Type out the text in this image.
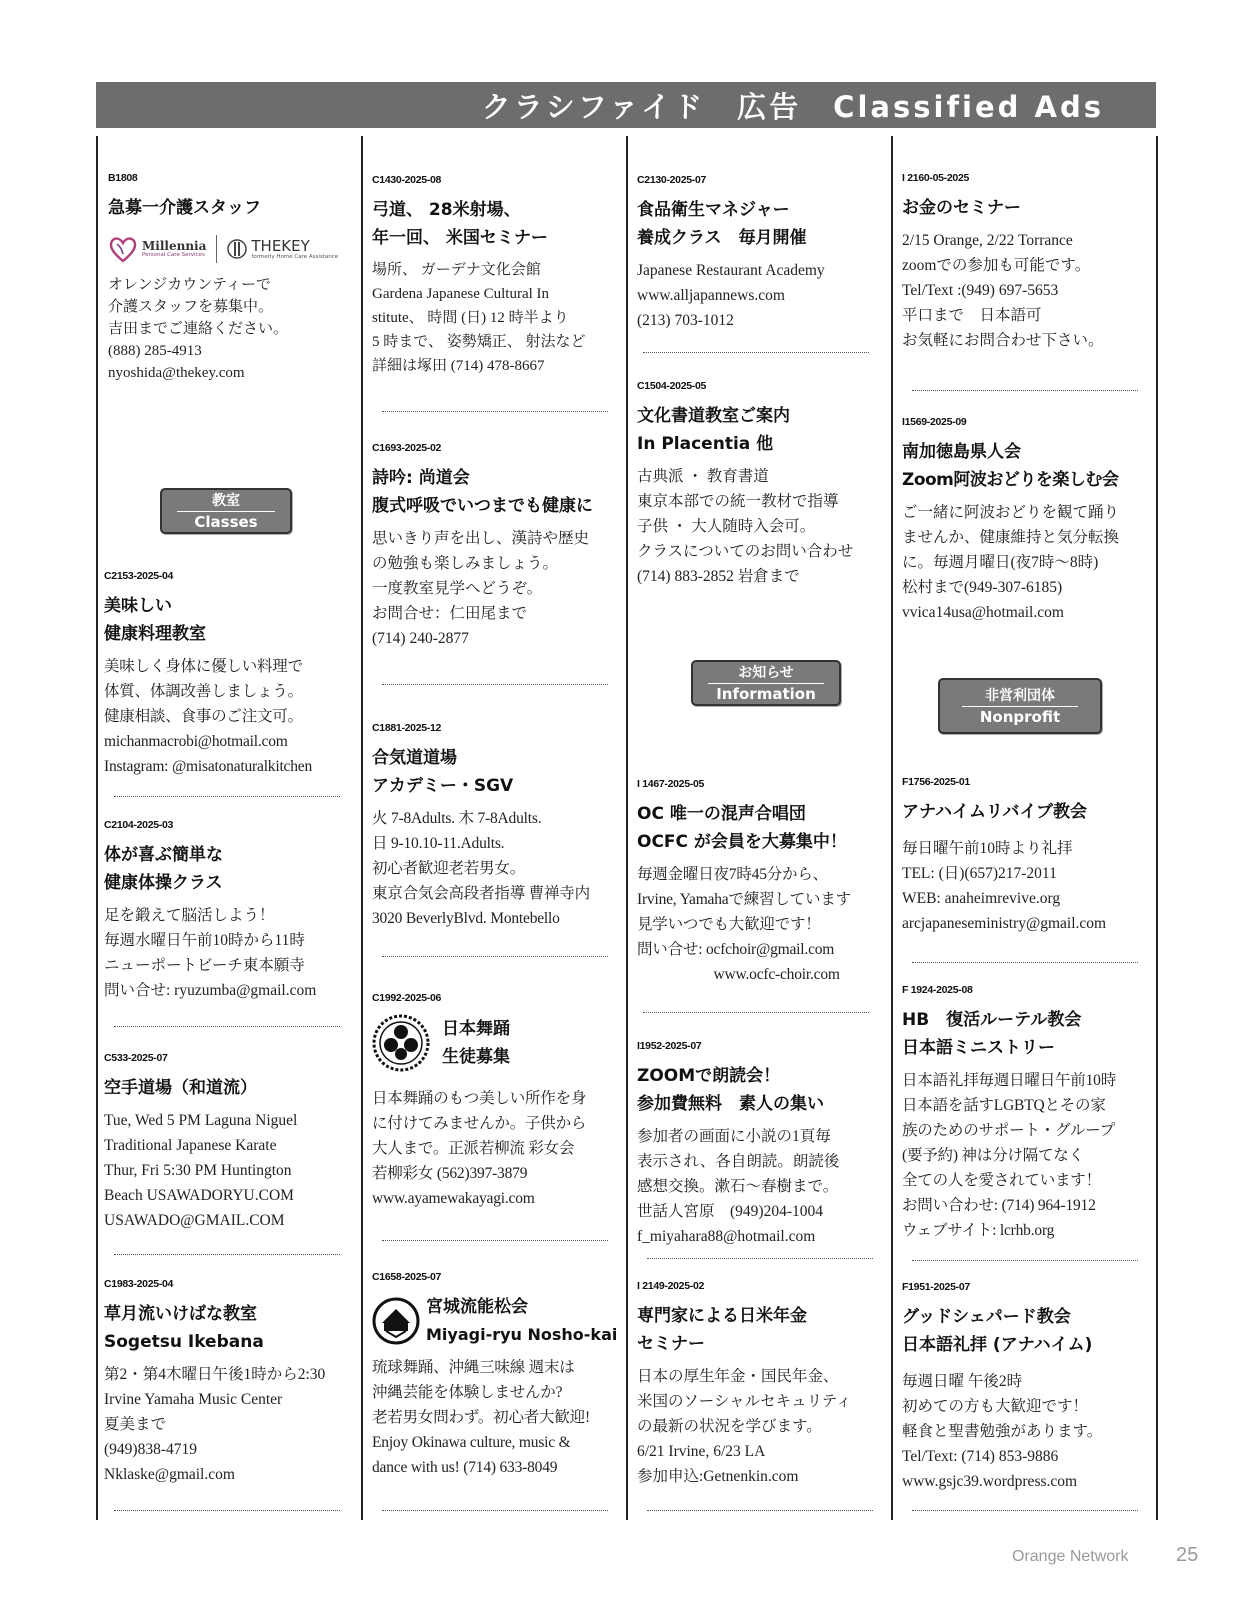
クラシファイド　広告　Classified Ads
B1808
急募一介護スタッフ
Millennia
Personal Care Services
THEKEY
formerly Home Care Assistance
オレンジカウンティーで
介護スタッフを募集中。
吉田までご連絡ください。
(888) 285-4913
nyoshida@thekey.com
教室
Classes
C2153-2025-04
美味しい
健康料理教室
美味しく身体に優しい料理で
体質、体調改善しましょう。
健康相談、食事のご注文可。
michanmacrobi@hotmail.com
Instagram: @misatonaturalkitchen
C2104-2025-03
体が喜ぶ簡単な
健康体操クラス
足を鍛えて脳活しよう！
毎週水曜日午前10時から11時
ニューポートビーチ東本願寺
問い合せ: ryuzumba@gmail.com
C533-2025-07
空手道場（和道流）
Tue, Wed 5 PM Laguna Niguel
Traditional Japanese Karate
Thur, Fri 5:30 PM Huntington
Beach USAWADORYU.COM
USAWADO@GMAIL.COM
C1983-2025-04
草月流いけばな教室
Sogetsu Ikebana
第2・第4木曜日午後1時から2:30
Irvine Yamaha Music Center
夏美まで
(949)838-4719
Nklaske@gmail.com
C1430-2025-08
弓道、 28米射場、
年一回、 米国セミナー
場所、 ガーデナ文化会館
Gardena Japanese Cultural In
stitute、 時間 (日) 12 時半より
5 時まで、 姿勢矯正、 射法など
詳細は塚田 (714) 478-8667
C1693-2025-02
詩吟: 尚道会
腹式呼吸でいつまでも健康に
思いきり声を出し、漢詩や歴史
の勉強も楽しみましょう。
一度教室見学へどうぞ。
お問合せ：仁田尾まで
(714) 240-2877
C1881-2025-12
合気道道場
アカデミー・SGV
火 7-8Adults. 木 7-8Adults.
日 9-10.10-11.Adults.
初心者歓迎老若男女。
東京合気会高段者指導 曹禅寺内
3020 BeverlyBlvd. Montebello
C1992-2025-06
日本舞踊
生徒募集
日本舞踊のもつ美しい所作を身
に付けてみませんか。子供から
大人まで。正派若柳流 彩女会
若柳彩女 (562)397-3879
www.ayamewakayagi.com
C1658-2025-07
宮城流能松会
Miyagi-ryu Nosho-kai
琉球舞踊、沖縄三味線 週末は
沖縄芸能を体験しませんか?
老若男女問わず。初心者大歓迎!
Enjoy Okinawa culture, music &
dance with us! (714) 633-8049
C2130-2025-07
食品衛生マネジャー
養成クラス　毎月開催
Japanese Restaurant Academy
www.alljapannews.com
(213) 703-1012
C1504-2025-05
文化書道教室ご案内
In Placentia 他
古典派 ・ 教育書道
東京本部での統一教材で指導
子供 ・ 大人随時入会可。
クラスについてのお問い合わせ
(714) 883-2852 岩倉まで
お知らせ
Information
I 1467-2025-05
OC 唯一の混声合唱団
OCFC が会員を大募集中！
毎週金曜日夜7時45分から、
Irvine, Yamahaで練習しています
見学いつでも大歓迎です！
問い合せ: ocfchoir@gmail.com
　　　　　www.ocfc-choir.com
I1952-2025-07
ZOOMで朗読会！
参加費無料　素人の集い
参加者の画面に小説の1頁毎
表示され、各自朗読。朗読後
感想交換。漱石～春樹まで。
世話人宮原　(949)204-1004
f_miyahara88@hotmail.com
I 2149-2025-02
専門家による日米年金
セミナー
日本の厚生年金・国民年金、
米国のソーシャルセキュリティ
の最新の状況を学びます。
6/21 Irvine, 6/23 LA
参加申込:Getnenkin.com
I 2160-05-2025
お金のセミナー
2/15 Orange, 2/22 Torrance
zoomでの参加も可能です。
Tel/Text :(949) 697-5653
平口まで　日本語可
お気軽にお問合わせ下さい。
I1569-2025-09
南加徳島県人会
Zoom阿波おどりを楽しむ会
ご一緒に阿波おどりを観て踊り
ませんか、健康維持と気分転換
に。毎週月曜日(夜7時～8時)
松村まで(949-307-6185)
vvica14usa@hotmail.com
非営利団体
Nonprofit
F1756-2025-01
アナハイムリバイブ教会
毎日曜午前10時より礼拝
TEL: (日)(657)217-2011
WEB: anaheimrevive.org
arcjapaneseministry@gmail.com
F 1924-2025-08
HB　復活ルーテル教会
日本語ミニストリー
日本語礼拝毎週日曜日午前10時
日本語を話すLGBTQとその家
族のためのサポート・グループ
(要予約) 神は分け隔てなく
全ての人を愛されています！
お問い合わせ: (714) 964-1912
ウェブサイト: lcrhb.org
F1951-2025-07
グッドシェパード教会
日本語礼拝 (アナハイム)
毎週日曜 午後2時
初めての方も大歓迎です！
軽食と聖書勉強があります。
Tel/Text: (714) 853-9886
www.gsjc39.wordpress.com
Orange Network 25
